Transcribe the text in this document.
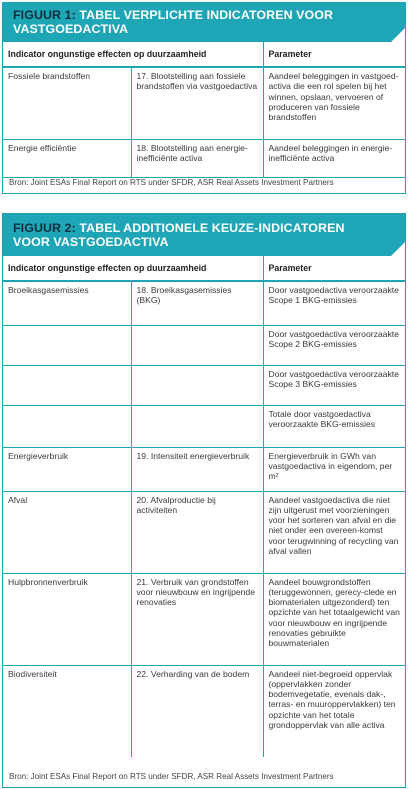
FIGUUR 1: TABEL VERPLICHTE INDICATOREN VOOR
VASTGOEDACTIVA
Indicator ongunstige effecten op duurzaamheid		Parameter
Fossiele brandstoffen	17. Blootstelling aan fossiele brandstoffen via vastgoedactiva	Aandeel beleggingen in vastgoed-activa die een rol spelen bij het winnen, opslaan, vervoeren of produceren van fossiele brandstoffen
Energie efficiëntie	18. Blootstelling aan energie-inefficiënte activa	Aandeel beleggingen in energie-inefficiënte activa
Bron: Joint ESAs Final Report on RTS under SFDR, ASR Real Assets Investment Partners
FIGUUR 2: TABEL ADDITIONELE KEUZE-INDICATOREN
VOOR VASTGOEDACTIVA
Indicator ongunstige effecten op duurzaamheid		Parameter
Broeikasgasemissies	18. Broeikasgasemissies (BKG)	Door vastgoedactiva veroorzaakte Scope 1 BKG-emissies
		Door vastgoedactiva veroorzaakte Scope 2 BKG-emissies
		Door vastgoedactiva veroorzaakte Scope 3 BKG-emissies
		Totale door vastgoedactiva veroorzaakte BKG-emissies
Energieverbruik	19. Intensiteit energieverbruik	Energieverbruik in GWh van vastgoedactiva in eigendom, per m²
Afval	20. Afvalproductie bij activiteiten	Aandeel vastgoedactiva die niet zijn uitgerust met voorzieningen voor het sorteren van afval en die niet onder een overeen-komst voor terugwinning of recycling van afval vallen
Hulpbronnenverbruik	21. Verbruik van grondstoffen voor nieuwbouw en ingrijpende renovaties	Aandeel bouwgrondstoffen (teruggewonnen, gerecy-clede en biomaterialen uitgezonderd) ten opzichte van het totaalgewicht van voor nieuwbouw en ingrijpende renovaties gebruikte bouwmaterialen
Biodiversiteit	22. Verharding van de bodem	Aandeel niet-begroeid oppervlak (oppervlakken zonder bodemvegetatie, evenals dak-, terras- en muuroppervlakken) ten opzichte van het totale grondoppervlak van alle activa
Bron: Joint ESAs Final Report on RTS under SFDR, ASR Real Assets Investment Partners
